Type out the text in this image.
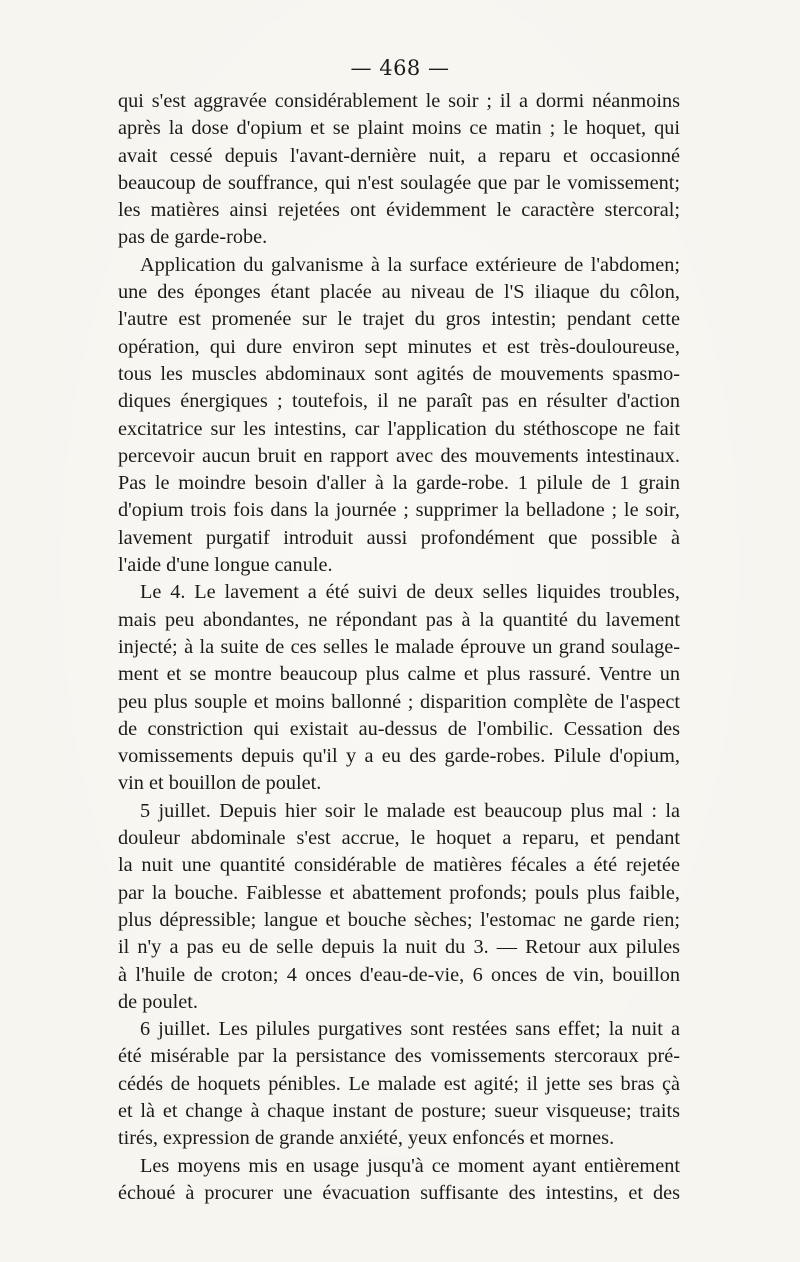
— 468 —
qui s'est aggravée considérablement le soir ; il a dormi néanmoins
après la dose d'opium et se plaint moins ce matin ; le hoquet, qui
avait cessé depuis l'avant-dernière nuit, a reparu et occasionné
beaucoup de souffrance, qui n'est soulagée que par le vomissement;
les matières ainsi rejetées ont évidemment le caractère stercoral;
pas de garde-robe.
Application du galvanisme à la surface extérieure de l'abdomen;
une des éponges étant placée au niveau de l'S iliaque du côlon,
l'autre est promenée sur le trajet du gros intestin; pendant cette
opération, qui dure environ sept minutes et est très-douloureuse,
tous les muscles abdominaux sont agités de mouvements spasmo-
diques énergiques ; toutefois, il ne paraît pas en résulter d'action
excitatrice sur les intestins, car l'application du stéthoscope ne fait
percevoir aucun bruit en rapport avec des mouvements intestinaux.
Pas le moindre besoin d'aller à la garde-robe. 1 pilule de 1 grain
d'opium trois fois dans la journée ; supprimer la belladone ; le soir,
lavement purgatif introduit aussi profondément que possible à
l'aide d'une longue canule.
Le 4. Le lavement a été suivi de deux selles liquides troubles,
mais peu abondantes, ne répondant pas à la quantité du lavement
injecté; à la suite de ces selles le malade éprouve un grand soulage-
ment et se montre beaucoup plus calme et plus rassuré. Ventre un
peu plus souple et moins ballonné ; disparition complète de l'aspect
de constriction qui existait au-dessus de l'ombilic. Cessation des
vomissements depuis qu'il y a eu des garde-robes. Pilule d'opium,
vin et bouillon de poulet.
5 juillet. Depuis hier soir le malade est beaucoup plus mal : la
douleur abdominale s'est accrue, le hoquet a reparu, et pendant
la nuit une quantité considérable de matières fécales a été rejetée
par la bouche. Faiblesse et abattement profonds; pouls plus faible,
plus dépressible; langue et bouche sèches; l'estomac ne garde rien;
il n'y a pas eu de selle depuis la nuit du 3. — Retour aux pilules
à l'huile de croton; 4 onces d'eau-de-vie, 6 onces de vin, bouillon
de poulet.
6 juillet. Les pilules purgatives sont restées sans effet; la nuit a
été misérable par la persistance des vomissements stercoraux pré-
cédés de hoquets pénibles. Le malade est agité; il jette ses bras çà
et là et change à chaque instant de posture; sueur visqueuse; traits
tirés, expression de grande anxiété, yeux enfoncés et mornes.
Les moyens mis en usage jusqu'à ce moment ayant entièrement
échoué à procurer une évacuation suffisante des intestins, et des
